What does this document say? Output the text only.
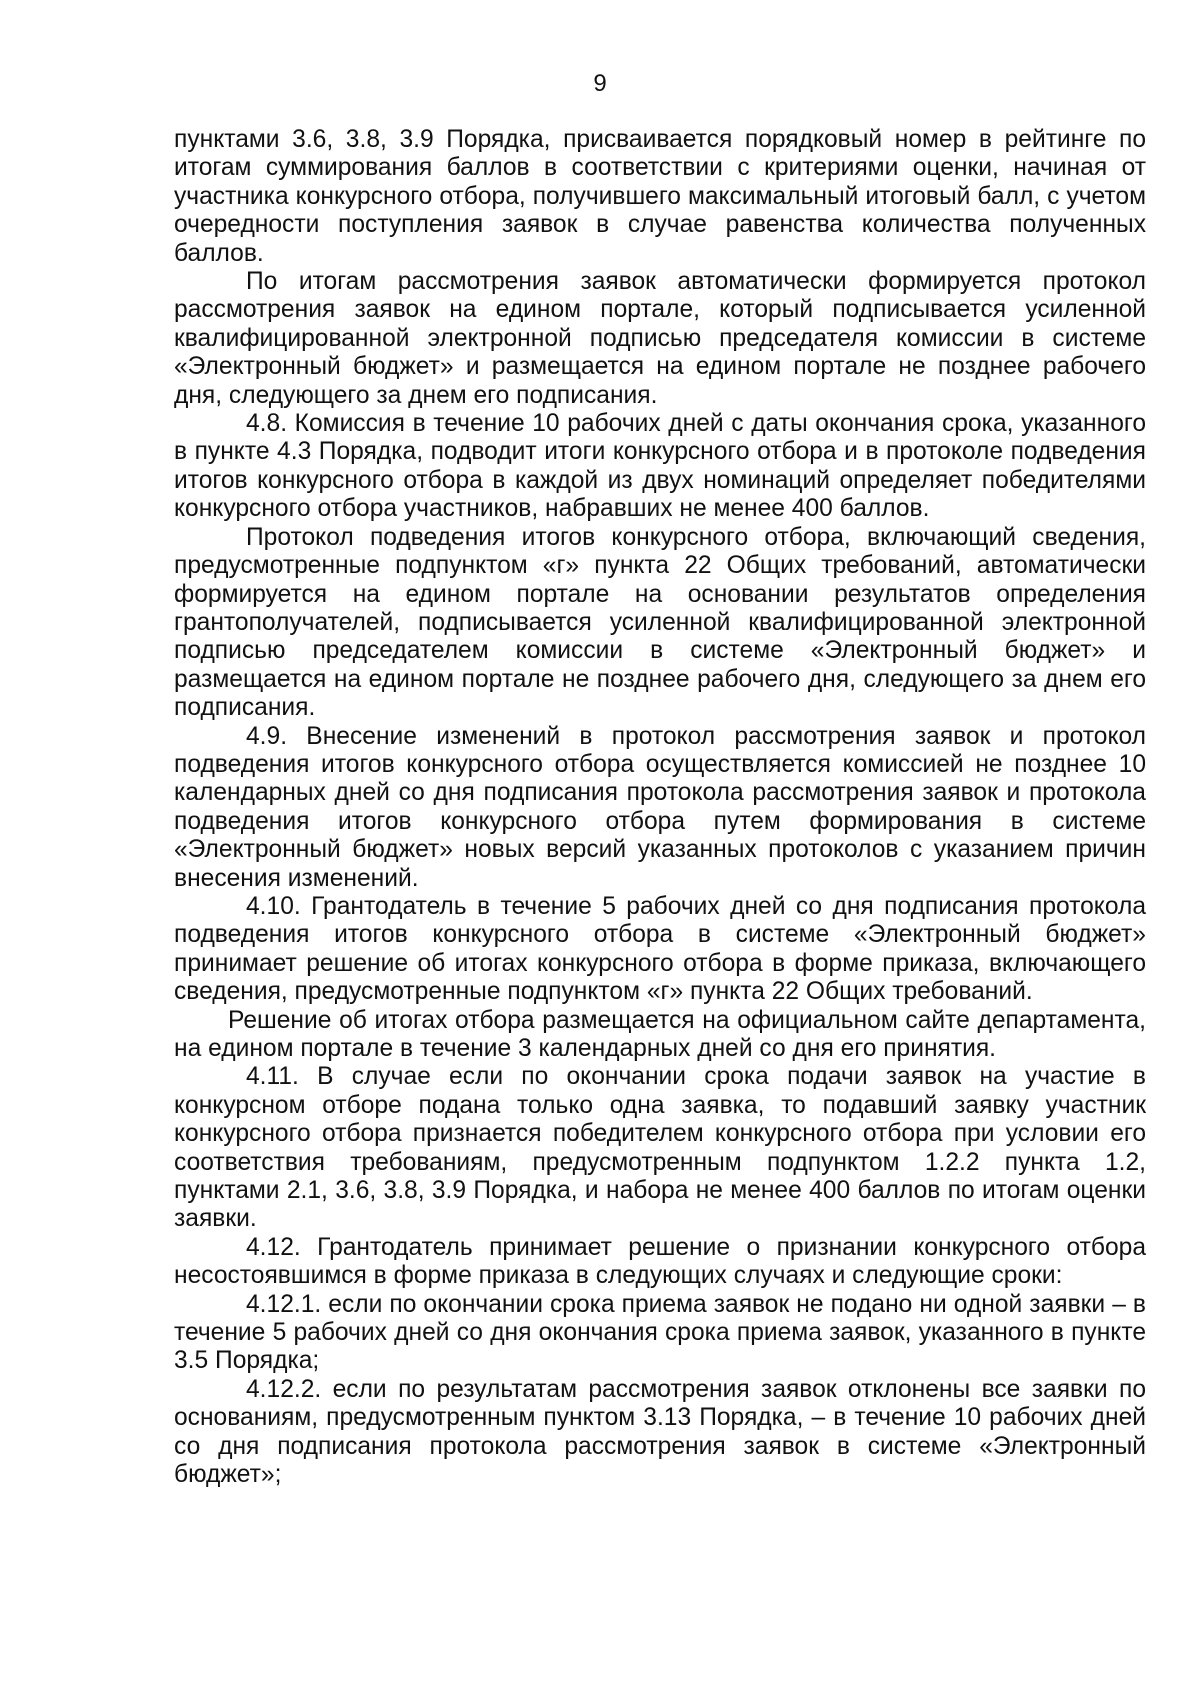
9

пунктами 3.6, 3.8, 3.9 Порядка, присваивается порядковый номер в рейтинге по итогам суммирования баллов в соответствии с критериями оценки, начиная от участника конкурсного отбора, получившего максимальный итоговый балл, с учетом очередности поступления заявок в случае равенства количества полученных баллов.

По итогам рассмотрения заявок автоматически формируется протокол рассмотрения заявок на едином портале, который подписывается усиленной квалифицированной электронной подписью председателя комиссии в системе «Электронный бюджет» и размещается на едином портале не позднее рабочего дня, следующего за днем его подписания.

4.8. Комиссия в течение 10 рабочих дней с даты окончания срока, указанного в пункте 4.3 Порядка, подводит итоги конкурсного отбора и в протоколе подведения итогов конкурсного отбора в каждой из двух номинаций определяет победителями конкурсного отбора участников, набравших не менее 400 баллов.

Протокол подведения итогов конкурсного отбора, включающий сведения, предусмотренные подпунктом «г» пункта 22 Общих требований, автоматически формируется на едином портале на основании результатов определения грантополучателей, подписывается усиленной квалифицированной электронной подписью председателем комиссии в системе «Электронный бюджет» и размещается на едином портале не позднее рабочего дня, следующего за днем его подписания.

4.9. Внесение изменений в протокол рассмотрения заявок и протокол подведения итогов конкурсного отбора осуществляется комиссией не позднее 10 календарных дней со дня подписания протокола рассмотрения заявок и протокола подведения итогов конкурсного отбора путем формирования в системе «Электронный бюджет» новых версий указанных протоколов с указанием причин внесения изменений.

4.10. Грантодатель в течение 5 рабочих дней со дня подписания протокола подведения итогов конкурсного отбора в системе «Электронный бюджет» принимает решение об итогах конкурсного отбора в форме приказа, включающего сведения, предусмотренные подпунктом «г» пункта 22 Общих требований.

Решение об итогах отбора размещается на официальном сайте департамента, на едином портале в течение 3 календарных дней со дня его принятия.

4.11. В случае если по окончании срока подачи заявок на участие в конкурсном отборе подана только одна заявка, то подавший заявку участник конкурсного отбора признается победителем конкурсного отбора при условии его соответствия требованиям, предусмотренным подпунктом 1.2.2 пункта 1.2, пунктами 2.1, 3.6, 3.8, 3.9 Порядка, и набора не менее 400 баллов по итогам оценки заявки.

4.12. Грантодатель принимает решение о признании конкурсного отбора несостоявшимся в форме приказа в следующих случаях и следующие сроки:

4.12.1. если по окончании срока приема заявок не подано ни одной заявки – в течение 5 рабочих дней со дня окончания срока приема заявок, указанного в пункте 3.5 Порядка;

4.12.2. если по результатам рассмотрения заявок отклонены все заявки по основаниям, предусмотренным пунктом 3.13 Порядка, – в течение 10 рабочих дней со дня подписания протокола рассмотрения заявок в системе «Электронный бюджет»;
